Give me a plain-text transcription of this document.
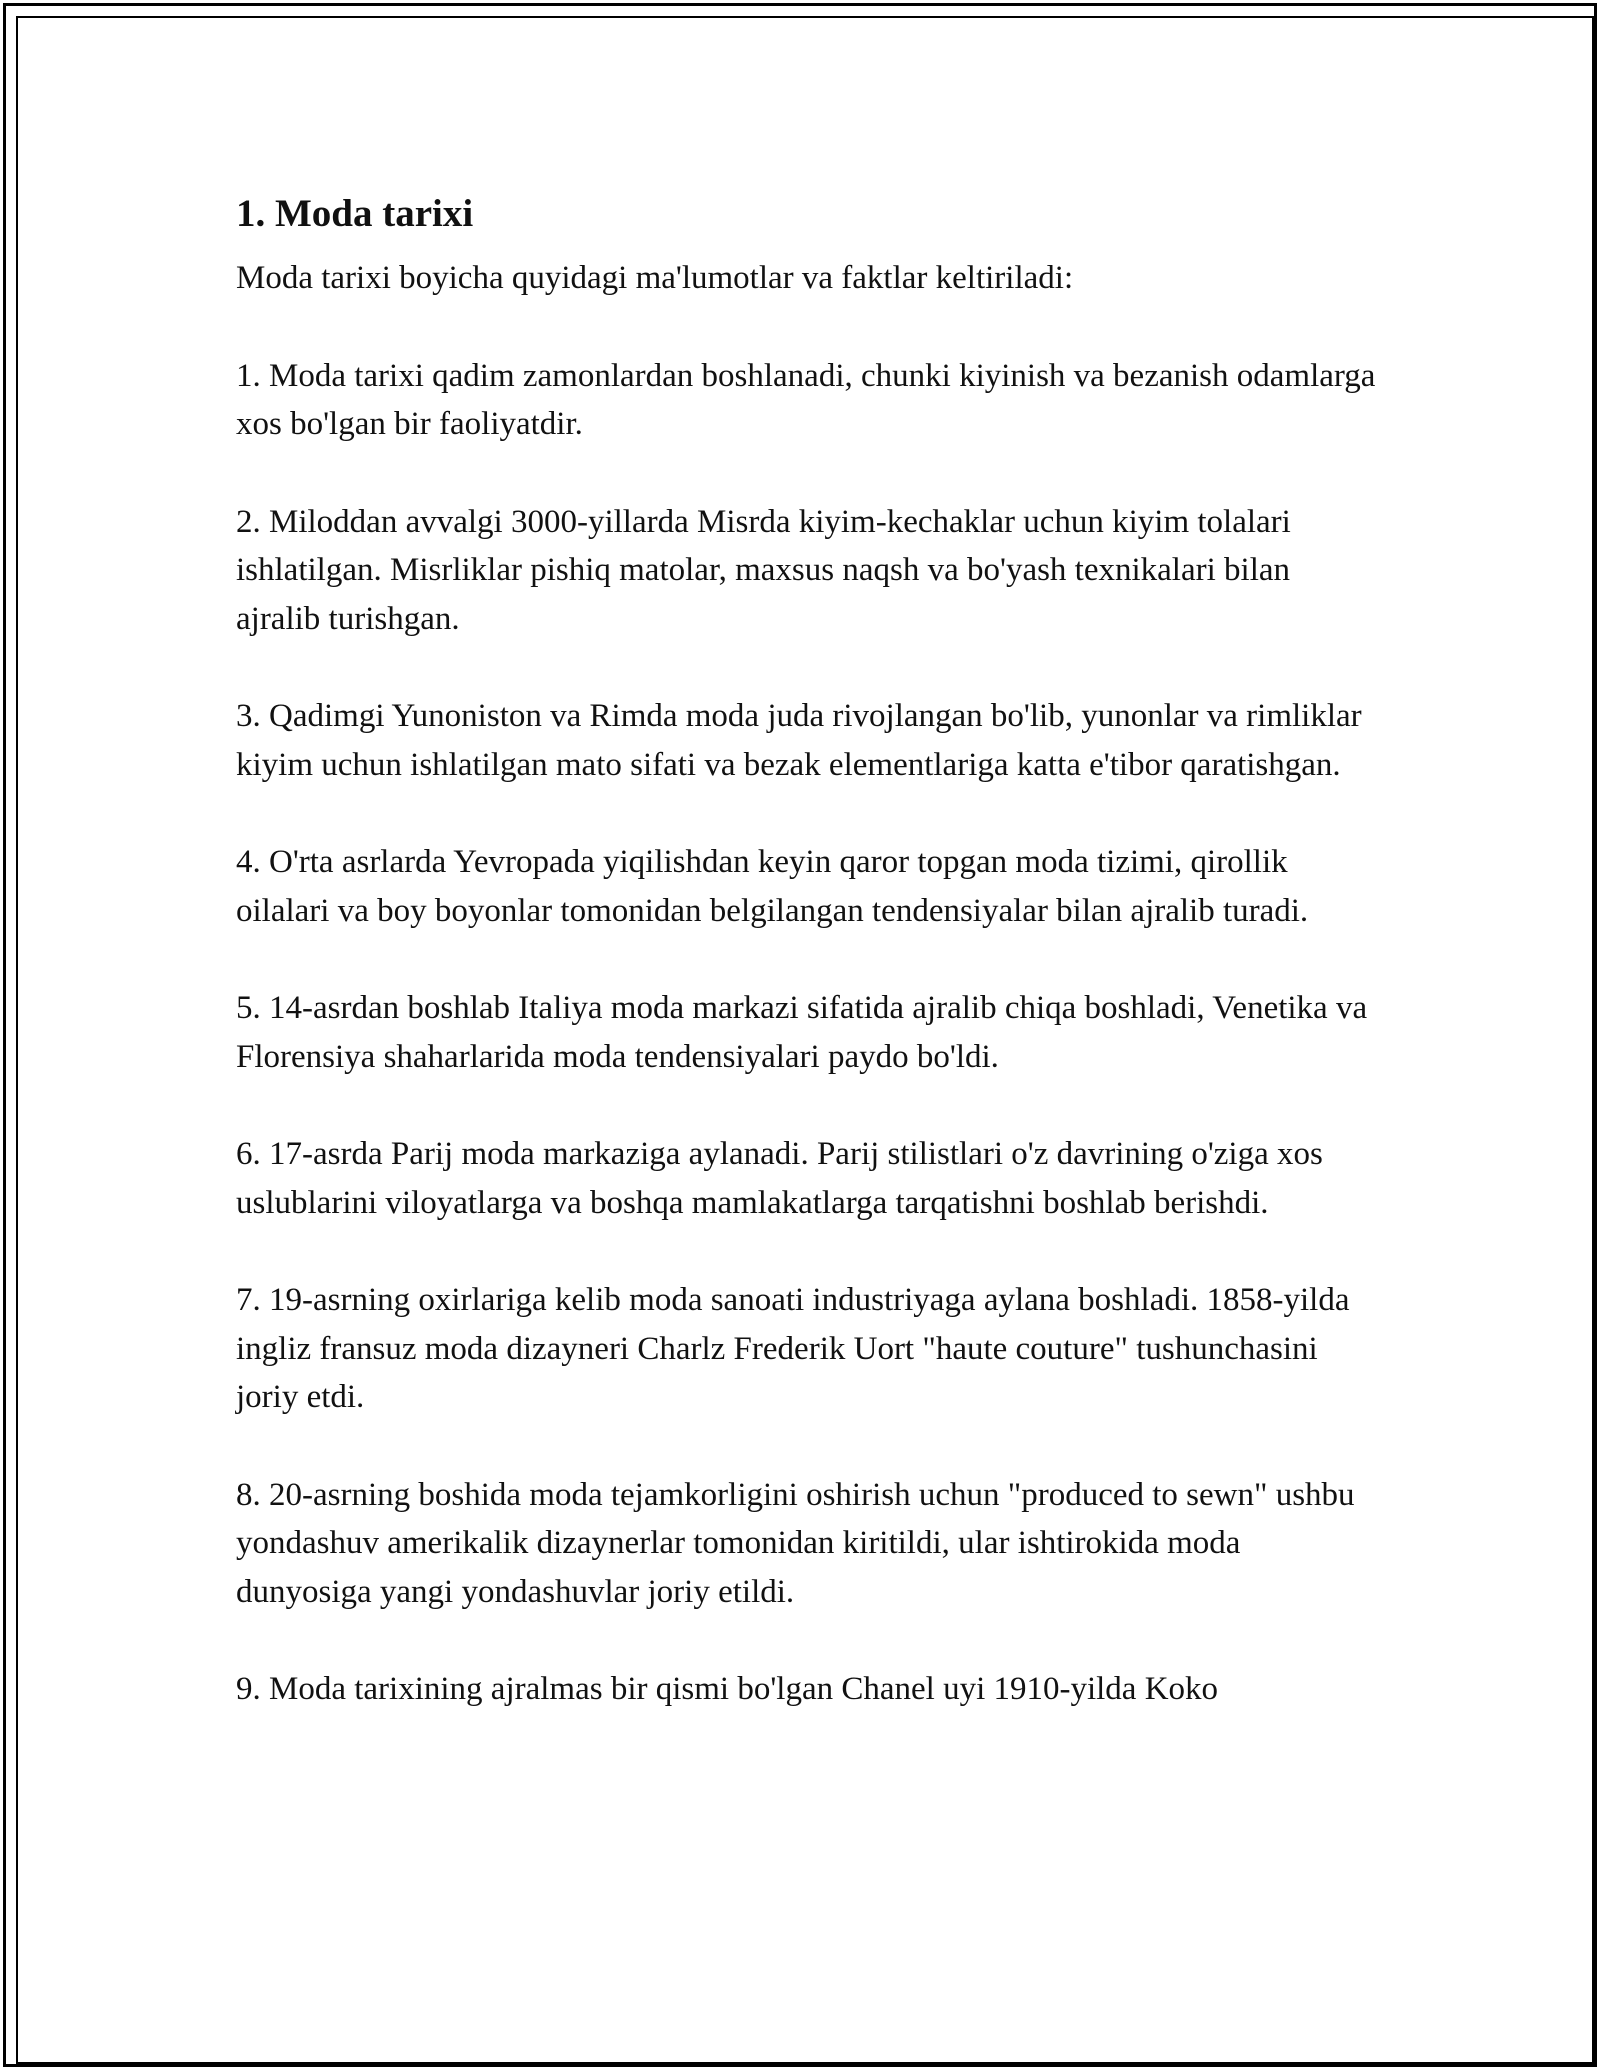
1. Moda tarixi

Moda tarixi boyicha quyidagi ma'lumotlar va faktlar keltiriladi:

1. Moda tarixi qadim zamonlardan boshlanadi, chunki kiyinish va bezanish odamlarga xos bo'lgan bir faoliyatdir.

2. Miloddan avvalgi 3000-yillarda Misrda kiyim-kechaklar uchun kiyim tolalari ishlatilgan. Misrliklar pishiq matolar, maxsus naqsh va bo'yash texnikalari bilan ajralib turishgan.

3. Qadimgi Yunoniston va Rimda moda juda rivojlangan bo'lib, yunonlar va rimliklar kiyim uchun ishlatilgan mato sifati va bezak elementlariga katta e'tibor qaratishgan.

4. O'rta asrlarda Yevropada yiqilishdan keyin qaror topgan moda tizimi, qirollik oilalari va boy boyonlar tomonidan belgilangan tendensiyalar bilan ajralib turadi.

5. 14-asrdan boshlab Italiya moda markazi sifatida ajralib chiqa boshladi, Venetika va Florensiya shaharlarida moda tendensiyalari paydo bo'ldi.

6. 17-asrda Parij moda markaziga aylanadi. Parij stilistlari o'z davrining o'ziga xos uslublarini viloyatlarga va boshqa mamlakatlarga tarqatishni boshlab berishdi.

7. 19-asrning oxirlariga kelib moda sanoati industriyaga aylana boshladi. 1858-yilda ingliz fransuz moda dizayneri Charlz Frederik Uort "haute couture" tushunchasini joriy etdi.

8. 20-asrning boshida moda tejamkorligini oshirish uchun "produced to sewn" ushbu yondashuv amerikalik dizaynerlar tomonidan kiritildi, ular ishtirokida moda dunyosiga yangi yondashuvlar joriy etildi.

9. Moda tarixining ajralmas bir qismi bo'lgan Chanel uyi 1910-yilda Koko
